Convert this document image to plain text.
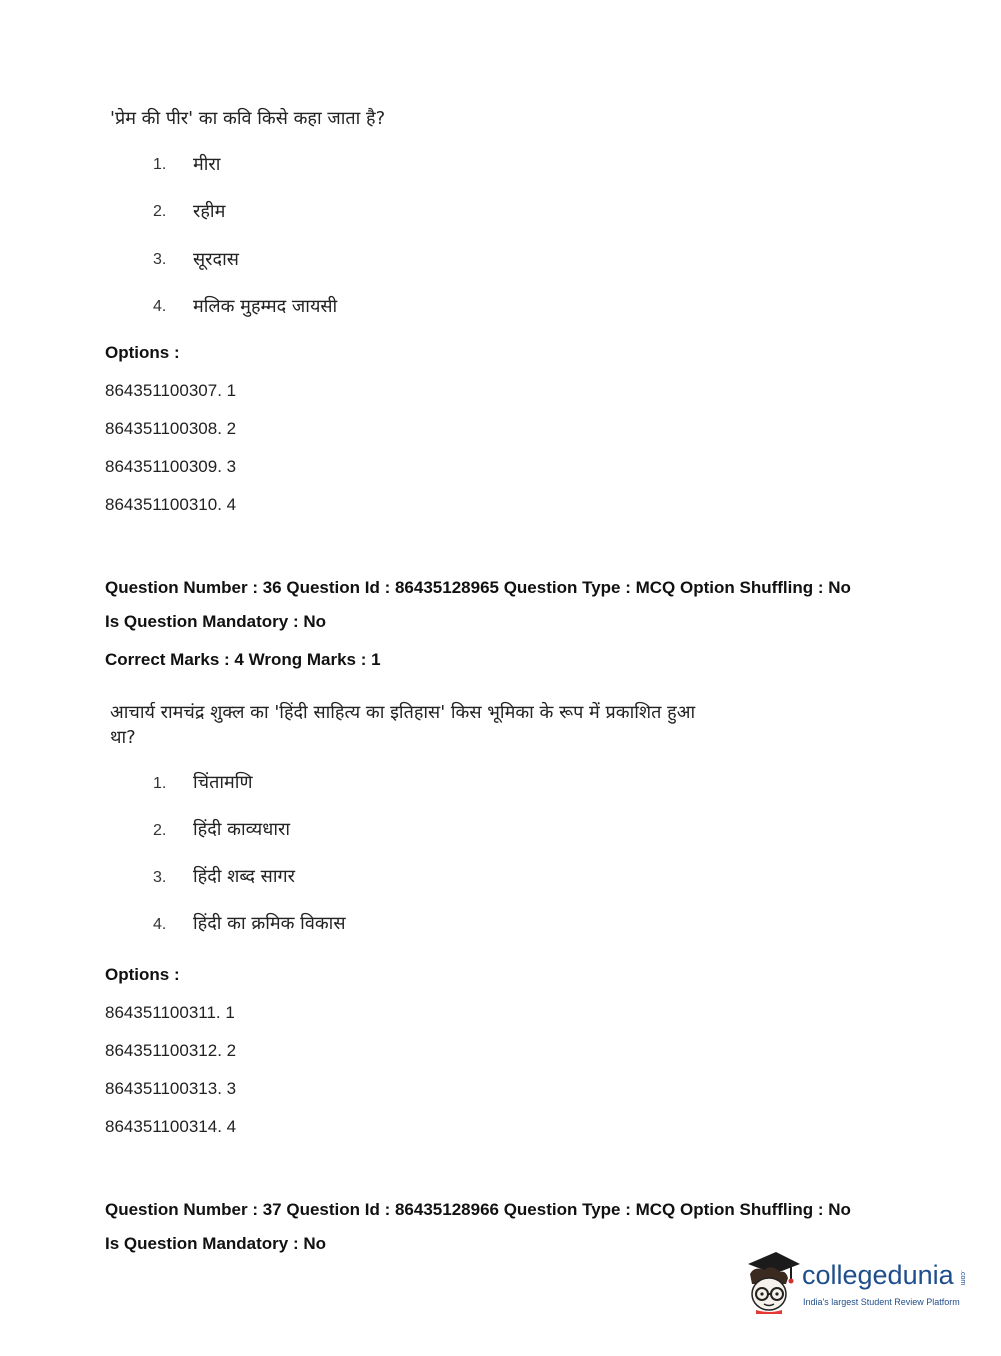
'प्रेम की पीर' का कवि किसे कहा जाता है?
1. मीरा
2. रहीम
3. सूरदास
4. मलिक मुहम्मद जायसी
Options :
864351100307. 1
864351100308. 2
864351100309. 3
864351100310. 4
Question Number : 36 Question Id : 86435128965 Question Type : MCQ Option Shuffling : No
Is Question Mandatory : No
Correct Marks : 4 Wrong Marks : 1
आचार्य रामचंद्र शुक्ल का 'हिंदी साहित्य का इतिहास' किस भूमिका के रूप में प्रकाशित हुआ
था?
1. चिंतामणि
2. हिंदी काव्यधारा
3. हिंदी शब्द सागर
4. हिंदी का क्रमिक विकास
Options :
864351100311. 1
864351100312. 2
864351100313. 3
864351100314. 4
Question Number : 37 Question Id : 86435128966 Question Type : MCQ Option Shuffling : No
Is Question Mandatory : No
collegedunia .com
India's largest Student Review Platform
